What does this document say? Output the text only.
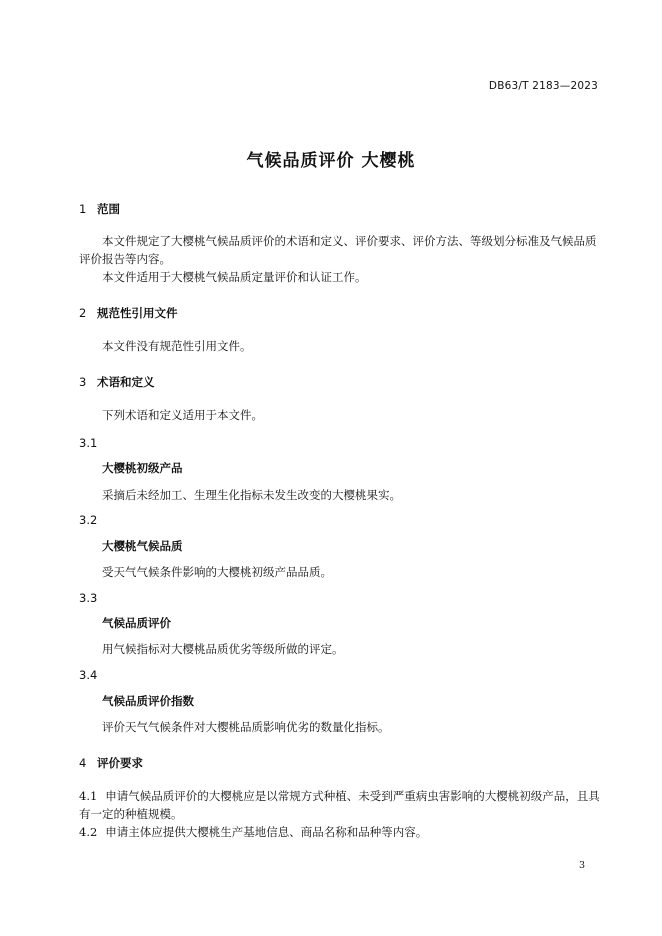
DB63/T 2183—2023
气候品质评价 大樱桃
1 范围
本文件规定了大樱桃气候品质评价的术语和定义、评价要求、评价方法、等级划分标准及气候品质评价报告等内容。
本文件适用于大樱桃气候品质定量评价和认证工作。
2 规范性引用文件
本文件没有规范性引用文件。
3 术语和定义
下列术语和定义适用于本文件。
3.1
大樱桃初级产品
采摘后未经加工、生理生化指标未发生改变的大樱桃果实。
3.2
大樱桃气候品质
受天气气候条件影响的大樱桃初级产品品质。
3.3
气候品质评价
用气候指标对大樱桃品质优劣等级所做的评定。
3.4
气候品质评价指数
评价天气气候条件对大樱桃品质影响优劣的数量化指标。
4 评价要求
4.1 申请气候品质评价的大樱桃应是以常规方式种植、未受到严重病虫害影响的大樱桃初级产品，且具有一定的种植规模。
4.2 申请主体应提供大樱桃生产基地信息、商品名称和品种等内容。
3
